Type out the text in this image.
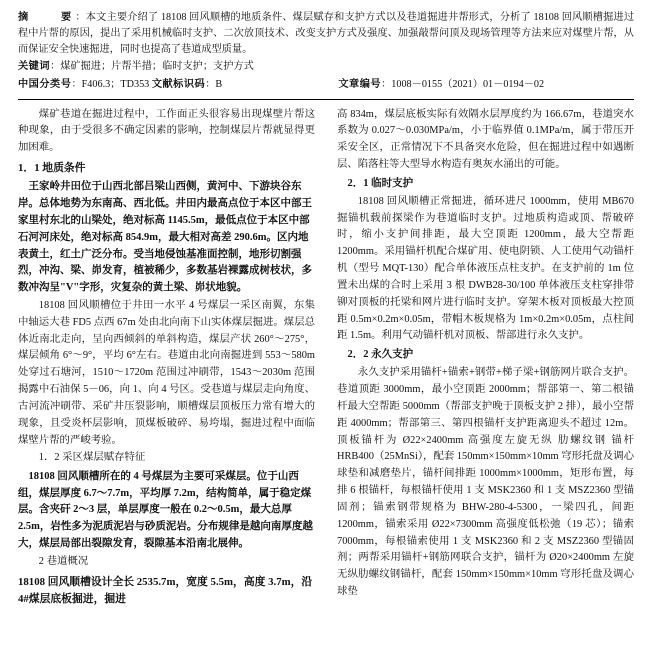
摘　　要：本文主要介绍了 18108 回风顺槽的地质条件、煤层赋存和支护方式以及巷道掘进井帮形式，分析了 18108 回风顺槽掘进过程中片帮的原因，提出了采用机械临时支护、二次放顶技术、改变支护方式及强度、加强敲帮问顶及现场管理等方法来应对煤壁片帮，从而保证安全快速掘进，同时也提高了巷道成型质量。
关键词：煤矿掘进；片帮半措；临时支护；支护方式
中国分类号：F406.3；TD353 文献标识码：B	文章编号：1008－0155（2021）01－0194－02

煤矿巷道在掘进过程中，工作面正头很容易出现煤壁片帮这种现象，由于受很多不确定因素的影响，控制煤层片帮就显得更加困难。

1．1 地质条件
王家岭井田位于山西北部吕梁山西侧，黄河中、下游块谷东岸。总体地势为东南高、西北低。井田内最高点位于本区中部王家里村东北的山梁处，绝对标高 1145.5m，最低点位于本区中部石河河床处，绝对标高 854.9m，最大相对高差 290.6m。区内地表黄土，红土广泛分布。受当地侵蚀基准面控制，地形切割强烈，冲沟、梁、峁发育，植被稀少，多数基岩裸露成树枝状，多数冲沟呈"V"字形，灾复杂的黄土梁、峁状地貌。

18108 回风顺槽位于井田一水平 4 号煤层一采区南翼，东集中轴运大巷 FD5 点西 67m 处由北向南下山实体煤层掘进。煤层总体近南北走向，呈向西倾斜的单斜构造，煤层产状 260°～275°，煤层倾角 6°～9°，平均 6°左右。巷道由北向南掘进到 553～580m 处穿过石塘河，1510～1720m 范围过冲刷带，1543～2030m 范围揭露中石油保 5－06，向 1、向 4 号区。受巷道与煤层走向角度、古河流冲刷带、采矿井压裂影响，顺槽煤层顶板压力常有增大的现象，且受炎杯层影响，顶煤板破碎、易垮塌，掘进过程中面临煤壁片帮的严峻考验。

1．2 采区煤层赋存特征

18108 回风顺槽所在的 4 号煤层为主要可采煤层。位于山西组，煤层厚度 6.7～7.7m，平均厚 7.2m，结构简单，属于稳定煤层。含夹矸 2～3 层，单层厚度一般在 0.2～0.5m，最大总厚 2.5m，岩性多为泥质泥岩与砂质泥岩。分布规律是越向南厚度越大，煤层局部出裂隙发育，裂隙基本沿南北展伸。

2 巷道概况

18108 回风顺槽设计全长 2535.7m，宽度 5.5m，高度 3.7m，沿 4#煤层底板掘进，掘进

高 834m，煤层底板实际有效隔水层厚度约为 166.67m，巷道突水系数为 0.027～0.030MPa/m，小于临界值 0.1MPa/m，属于带压开采安全区，正常情况下不具备突水危险，但在掘进过程中如遇断层、陷落柱等大型导水构造有奥灰水涌出的可能。

2．1 临时支护

18108 回风顺槽正常掘进，循环进尺 1000mm，使用 MB670 掘锚机载前探梁作为巷道临时支护。过地质构造或顶、帮破碎时，缩小支护间排距，最大空顶距 1200mm，最大空帮距 1200mm。采用锚杆机配合煤矿用、使电阴锁、人工使用气动锚杆机（型号 MQT-130）配合单体液压点柱支护。在支护前的 1m 位置未出煤的合时上采用 3 根 DWB28-30/100 单体液压支柱穿排带铆对顶板的托梁和网片进行临时支护。穿架木板对顶板最大控顶距 0.5m×0.2m×0.05m，带帽木板规格为 1m×0.2m×0.05m，点柱间距 1.5m。利用气动锚杆机对顶板、帮部进行永久支护。

2．2 永久支护

永久支护采用锚杆+锚索+钢带+梯子梁+钢筋网片联合支护。巷道顶距 3000mm，最小空顶距 2000mm；帮部第一、第二根锚杆最大空帮距 5000mm（帮部支护晚于顶板支护 2 排），最小空帮距 4000mm；帮部第三、第四根锚杆支护距离迎头不超过 12m。顶板锚杆为 Ø22×2400mm 高强度左旋无纵 肋螺纹钢 锚杆 HRB400（25MnSi），配套 150mm×150mm×10mm 穹形托盘及调心球垫和减磨垫片，锚杆间排距 1000mm×1000mm，矩形布置，每排 6 根锚杆，每根锚杆使用 1 支 MSK2360 和 1 支 MSZ2360 型锚固剂；锚索钢带规格为 BHW-280-4-5300，一梁四孔，间距 1200mm，锚索采用 Ø22×7300mm 高强度低松弛（19 芯）；锚索 7000mm，每根锚索使用 1 支 MSK2360 和 2 支 MSZ2360 型锚固剂；两帮采用锚杆+钢筋网联合支护，锚杆为 Ø20×2400mm 左旋无纵肋螺纹钢锚杆，配套 150mm×150mm×10mm 穹形托盘及调心球垫
